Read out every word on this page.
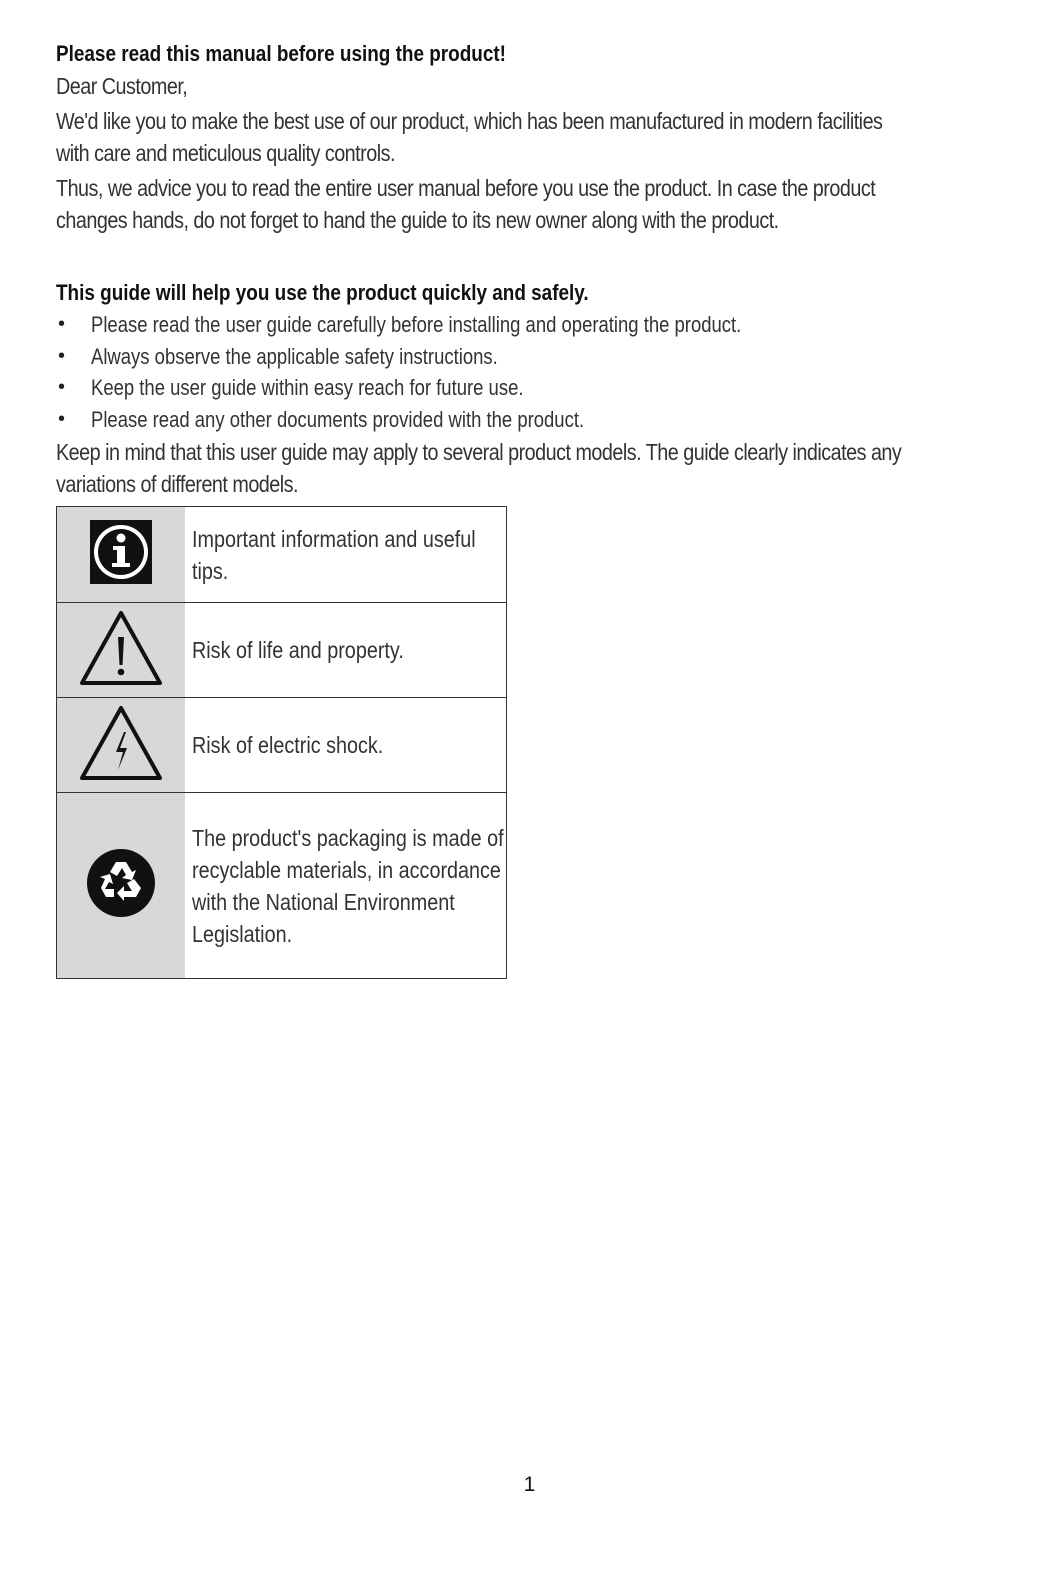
Please read this manual before using the product!

Dear Customer,

We'd like you to make the best use of our product, which has been manufactured in modern facilities
with care and meticulous quality controls.

Thus, we advice you to read the entire user manual before you use the product. In case the product
changes hands, do not forget to hand the guide to its new owner along with the product.

This guide will help you use the product quickly and safely.

• Please read the user guide carefully before installing and operating the product.
• Always observe the applicable safety instructions.
• Keep the user guide within easy reach for future use.
• Please read any other documents provided with the product.

Keep in mind that this user guide may apply to several product models. The guide clearly indicates any
variations of different models.

Important information and useful
tips.

Risk of life and property.

Risk of electric shock.

The product's packaging is made of
recyclable materials, in accordance
with the National Environment
Legislation.
1
